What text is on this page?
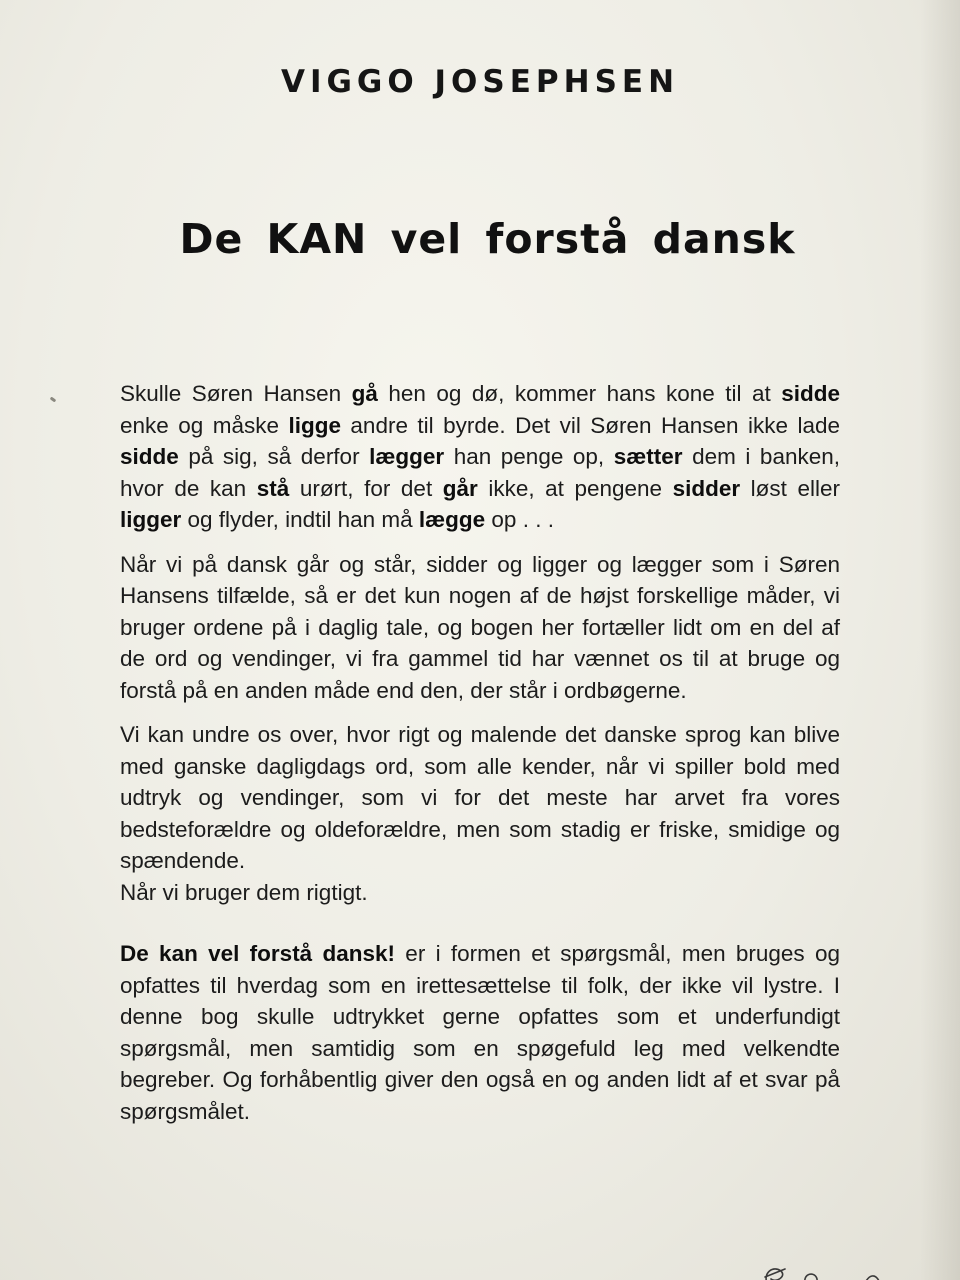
VIGGO JOSEPHSEN
De KAN vel forstå dansk

Skulle Søren Hansen gå hen og dø, kommer hans kone til at sidde enke og måske ligge andre til byrde. Det vil Søren Hansen ikke lade sidde på sig, så derfor lægger han penge op, sætter dem i banken, hvor de kan stå urørt, for det går ikke, at pengene sidder løst eller ligger og flyder, indtil han må lægge op . . .

Når vi på dansk går og står, sidder og ligger og lægger som i Søren Hansens tilfælde, så er det kun nogen af de højst forskellige måder, vi bruger ordene på i daglig tale, og bogen her fortæller lidt om en del af de ord og vendinger, vi fra gammel tid har vænnet os til at bruge og forstå på en anden måde end den, der står i ordbøgerne.

Vi kan undre os over, hvor rigt og malende det danske sprog kan blive med ganske dagligdags ord, som alle kender, når vi spiller bold med udtryk og vendinger, som vi for det meste har arvet fra vores bedsteforældre og oldeforældre, men som stadig er friske, smidige og spændende.
Når vi bruger dem rigtigt.

De kan vel forstå dansk! er i formen et spørgsmål, men bruges og opfattes til hverdag som en irettesættelse til folk, der ikke vil lystre. I denne bog skulle udtrykket gerne opfattes som et underfundigt spørgsmål, men samtidig som en spøgefuld leg med velkendte begreber. Og forhåbentlig giver den også en og anden lidt af et svar på spørgsmålet.
